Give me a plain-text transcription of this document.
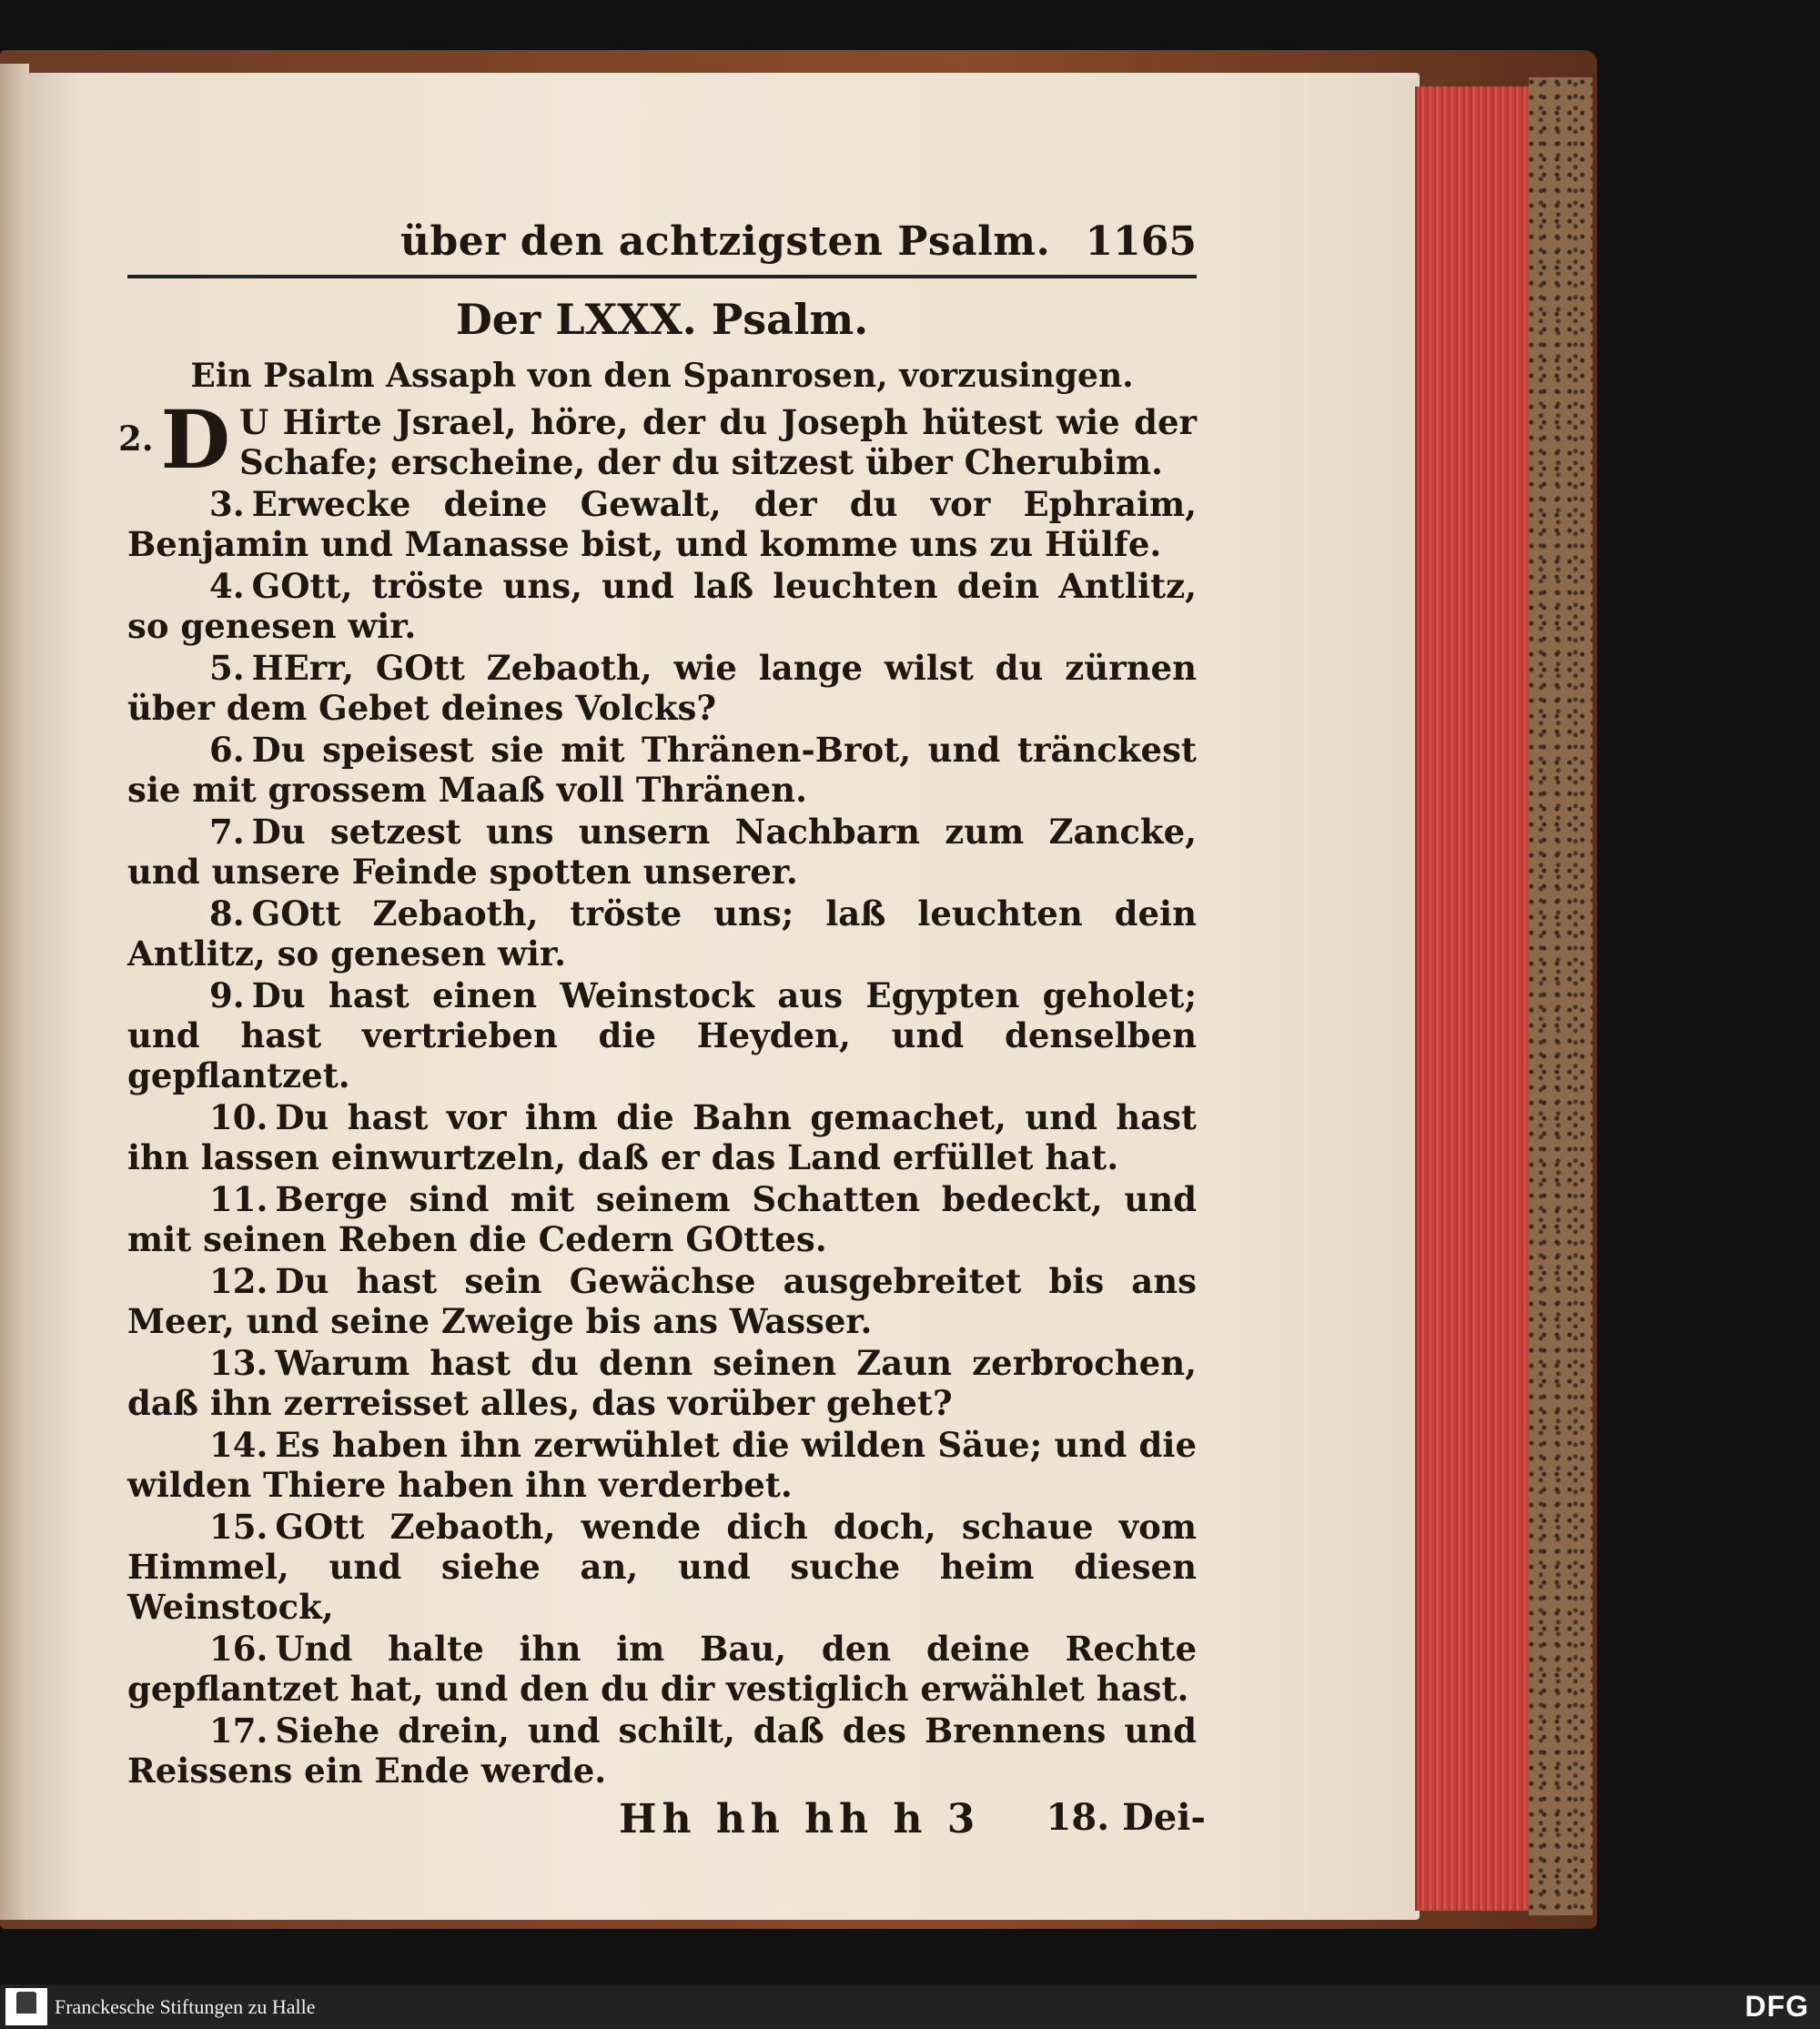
über den achtzigsten Psalm. 1165
Der LXXX. Psalm.
Ein Psalm Assaph von den Spanrosen, vorzusingen.
2. D U Hirte Jsrael, höre, der du Joseph hütest wie der Schafe; erscheine, der du sitzest über Cherubim.
3. Erwecke deine Gewalt, der du vor Ephraim, Benjamin und Manasse bist, und komme uns zu Hülfe.
4. GOtt, tröste uns, und laß leuchten dein Antlitz, so genesen wir.
5. HErr, GOtt Zebaoth, wie lange wilst du zürnen über dem Gebet deines Volcks?
6. Du speisest sie mit Thränen-Brot, und tränckest sie mit grossem Maaß voll Thränen.
7. Du setzest uns unsern Nachbarn zum Zancke, und unsere Feinde spotten unserer.
8. GOtt Zebaoth, tröste uns; laß leuchten dein Antlitz, so genesen wir.
9. Du hast einen Weinstock aus Egypten geholet; und hast vertrieben die Heyden, und denselben gepflantzet.
10. Du hast vor ihm die Bahn gemachet, und hast ihn lassen einwurtzeln, daß er das Land erfüllet hat.
11. Berge sind mit seinem Schatten bedeckt, und mit seinen Reben die Cedern GOttes.
12. Du hast sein Gewächse ausgebreitet bis ans Meer, und seine Zweige bis ans Wasser.
13. Warum hast du denn seinen Zaun zerbrochen, daß ihn zerreisset alles, das vorüber gehet?
14. Es haben ihn zerwühlet die wilden Säue; und die wilden Thiere haben ihn verderbet.
15. GOtt Zebaoth, wende dich doch, schaue vom Himmel, und siehe an, und suche heim diesen Weinstock,
16. Und halte ihn im Bau, den deine Rechte gepflantzet hat, und den du dir vestiglich erwählet hast.
17. Siehe drein, und schilt, daß des Brennens und Reissens ein Ende werde.
Hh hh hh h 3 18. Dei-
Franckesche Stiftungen zu Halle	DFG
